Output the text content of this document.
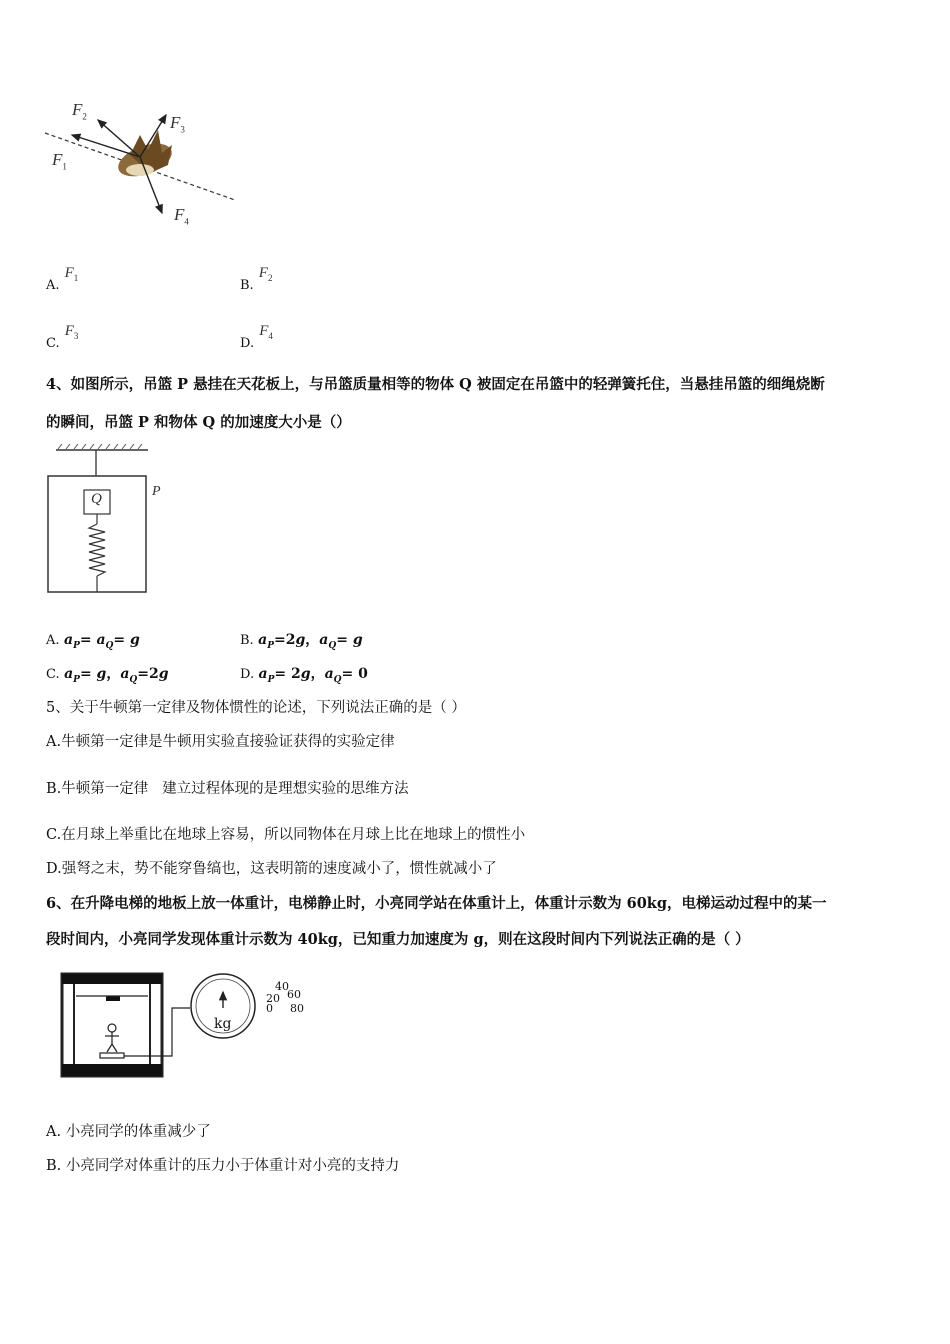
$F_1$
$F_2$	$F_3$
$F_4$
$_{A.}$ $F_1$	$_{B.}$ $F_2$
$_{C.}$ $F_3$	$_{D.}$ $F_4$
4、如图所示，吊篮 P 悬挂在天花板上，与吊篮质量相等的物体 Q 被固定在吊篮中的轻弹簧托住，当悬挂吊篮的细绳烧断
的瞬间，吊篮 P 和物体 Q 的加速度大小是（）
Q	P
A. $a_P= a_Q= g$	B. $a_P=2g$，$a_Q= g$
C. $a_P= g$，$a_Q=2g$	D. $a_P= 2g$，$a_Q= 0$
5、关于牛顿第一定律及物体惯性的论述，下列说法正确的是（ ）
A.牛顿第一定律是牛顿用实验直接验证获得的实验定律
B.牛顿第一定律   建立过程体现的是理想实验的思维方法
C.在月球上举重比在地球上容易，所以同物体在月球上比在地球上的惯性小
D.强弩之末，势不能穿鲁缟也，这表明箭的速度减小了，惯性就减小了
6、在升降电梯的地板上放一体重计，电梯静止时，小亮同学站在体重计上，体重计示数为 60kg，电梯运动过程中的某一
段时间内，小亮同学发现体重计示数为 40kg，已知重力加速度为 g，则在这段时间内下列说法正确的是（ ）
40
60
20
0 80
kg
A. 小亮同学的体重减少了
B. 小亮同学对体重计的压力小于体重计对小亮的支持力
